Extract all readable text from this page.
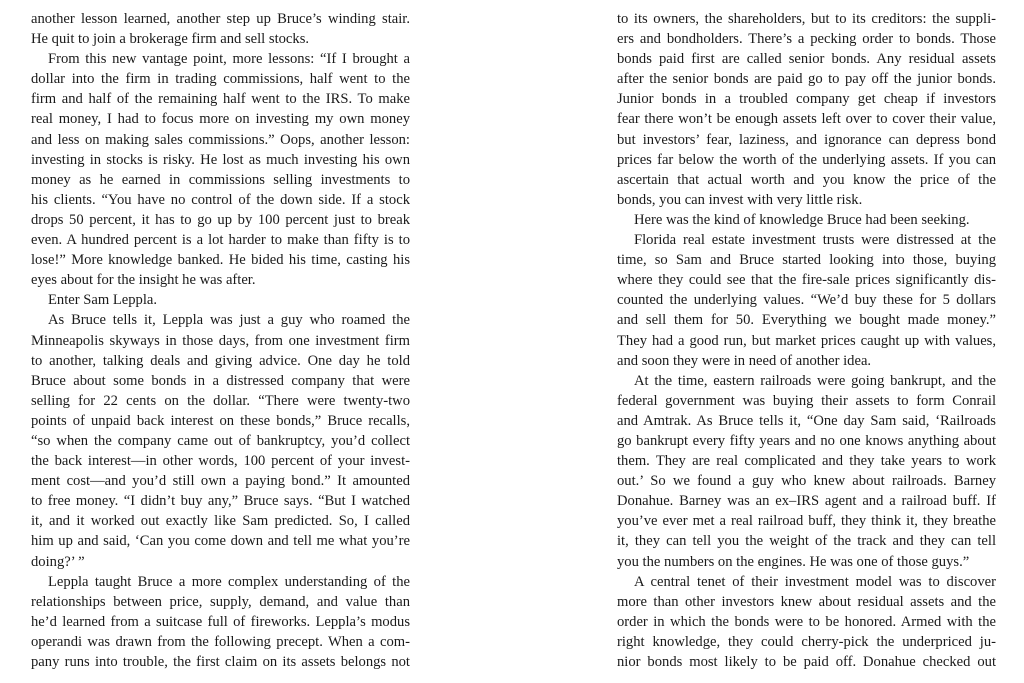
another lesson learned, another step up Bruce’s winding stair.
He quit to join a brokerage firm and sell stocks.
From this new vantage point, more lessons: “If I brought a
dollar into the firm in trading commissions, half went to the
firm and half of the remaining half went to the IRS. To make
real money, I had to focus more on investing my own money
and less on making sales commissions.” Oops, another lesson:
investing in stocks is risky. He lost as much investing his own
money as he earned in commissions selling investments to
his clients. “You have no control of the down side. If a stock
drops 50 percent, it has to go up by 100 percent just to break
even. A hundred percent is a lot harder to make than fifty is to
lose!” More knowledge banked. He bided his time, casting his
eyes about for the insight he was after.
Enter Sam Leppla.
As Bruce tells it, Leppla was just a guy who roamed the
Minneapolis skyways in those days, from one investment firm
to another, talking deals and giving advice. One day he told
Bruce about some bonds in a distressed company that were
selling for 22 cents on the dollar. “There were twenty-two
points of unpaid back interest on these bonds,” Bruce recalls,
“so when the company came out of bankruptcy, you’d collect
the back interest—in other words, 100 percent of your invest-
ment cost—and you’d still own a paying bond.” It amounted
to free money. “I didn’t buy any,” Bruce says. “But I watched
it, and it worked out exactly like Sam predicted. So, I called
him up and said, ‘Can you come down and tell me what you’re
doing?’ ”
Leppla taught Bruce a more complex understanding of the
relationships between price, supply, demand, and value than
he’d learned from a suitcase full of fireworks. Leppla’s modus
operandi was drawn from the following precept. When a com-
pany runs into trouble, the first claim on its assets belongs not
to its owners, the shareholders, but to its creditors: the suppli-
ers and bondholders. There’s a pecking order to bonds. Those
bonds paid first are called senior bonds. Any residual assets
after the senior bonds are paid go to pay off the junior bonds.
Junior bonds in a troubled company get cheap if investors
fear there won’t be enough assets left over to cover their value,
but investors’ fear, laziness, and ignorance can depress bond
prices far below the worth of the underlying assets. If you can
ascertain that actual worth and you know the price of the
bonds, you can invest with very little risk.
Here was the kind of knowledge Bruce had been seeking.
Florida real estate investment trusts were distressed at the
time, so Sam and Bruce started looking into those, buying
where they could see that the fire-sale prices significantly dis-
counted the underlying values. “We’d buy these for 5 dollars
and sell them for 50. Everything we bought made money.”
They had a good run, but market prices caught up with values,
and soon they were in need of another idea.
At the time, eastern railroads were going bankrupt, and the
federal government was buying their assets to form Conrail
and Amtrak. As Bruce tells it, “One day Sam said, ‘Railroads
go bankrupt every fifty years and no one knows anything about
them. They are real complicated and they take years to work
out.’ So we found a guy who knew about railroads. Barney
Donahue. Barney was an ex–IRS agent and a railroad buff. If
you’ve ever met a real railroad buff, they think it, they breathe
it, they can tell you the weight of the track and they can tell
you the numbers on the engines. He was one of those guys.”
A central tenet of their investment model was to discover
more than other investors knew about residual assets and the
order in which the bonds were to be honored. Armed with the
right knowledge, they could cherry-pick the underpriced ju-
nior bonds most likely to be paid off. Donahue checked out
